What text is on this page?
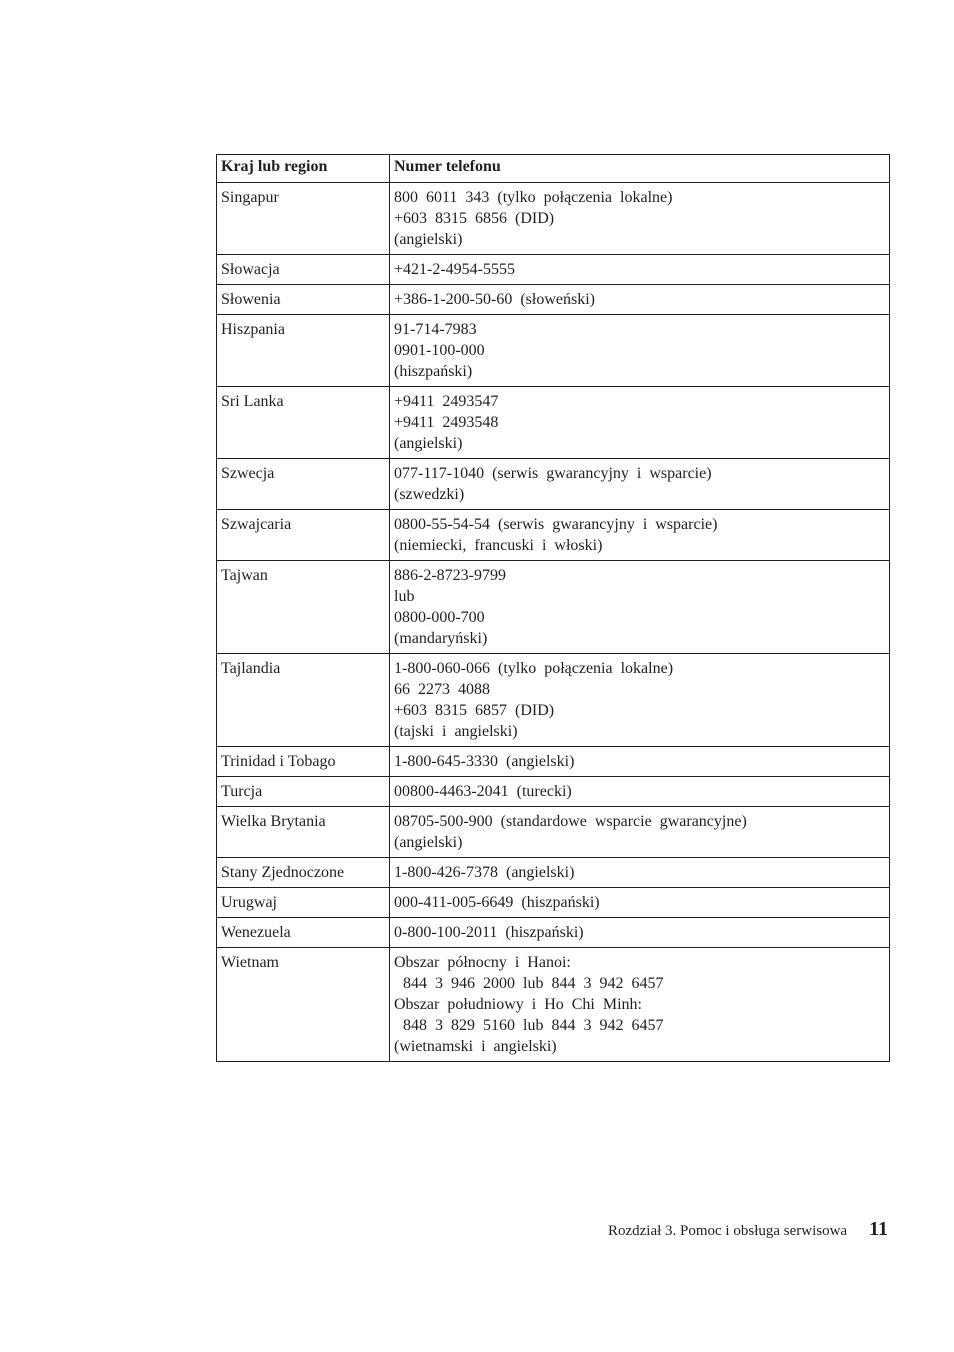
Kraj lub region	Numer telefonu
Singapur	800 6011 343 (tylko połączenia lokalne)
+603 8315 6856 (DID)
(angielski)

Słowacja	+421-2-4954-5555

Słowenia	+386-1-200-50-60 (słoweński)

Hiszpania	91-714-7983
0901-100-000
(hiszpański)

Sri Lanka	+9411 2493547
+9411 2493548
(angielski)

Szwecja	077-117-1040 (serwis gwarancyjny i wsparcie)
(szwedzki)

Szwajcaria	0800-55-54-54 (serwis gwarancyjny i wsparcie)
(niemiecki, francuski i włoski)

Tajwan	886-2-8723-9799
lub
0800-000-700
(mandaryński)

Tajlandia	1-800-060-066 (tylko połączenia lokalne)
66 2273 4088
+603 8315 6857 (DID)
(tajski i angielski)

Trinidad i Tobago	1-800-645-3330 (angielski)

Turcja	00800-4463-2041 (turecki)

Wielka Brytania	08705-500-900 (standardowe wsparcie gwarancyjne)
(angielski)

Stany Zjednoczone	1-800-426-7378 (angielski)

Urugwaj	000-411-005-6649 (hiszpański)

Wenezuela	0-800-100-2011 (hiszpański)

Wietnam	Obszar północny i Hanoi:
844 3 946 2000 lub 844 3 942 6457
Obszar południowy i Ho Chi Minh:
848 3 829 5160 lub 844 3 942 6457
(wietnamski i angielski)
Rozdział 3. Pomoc i obsługa serwisowa 11
